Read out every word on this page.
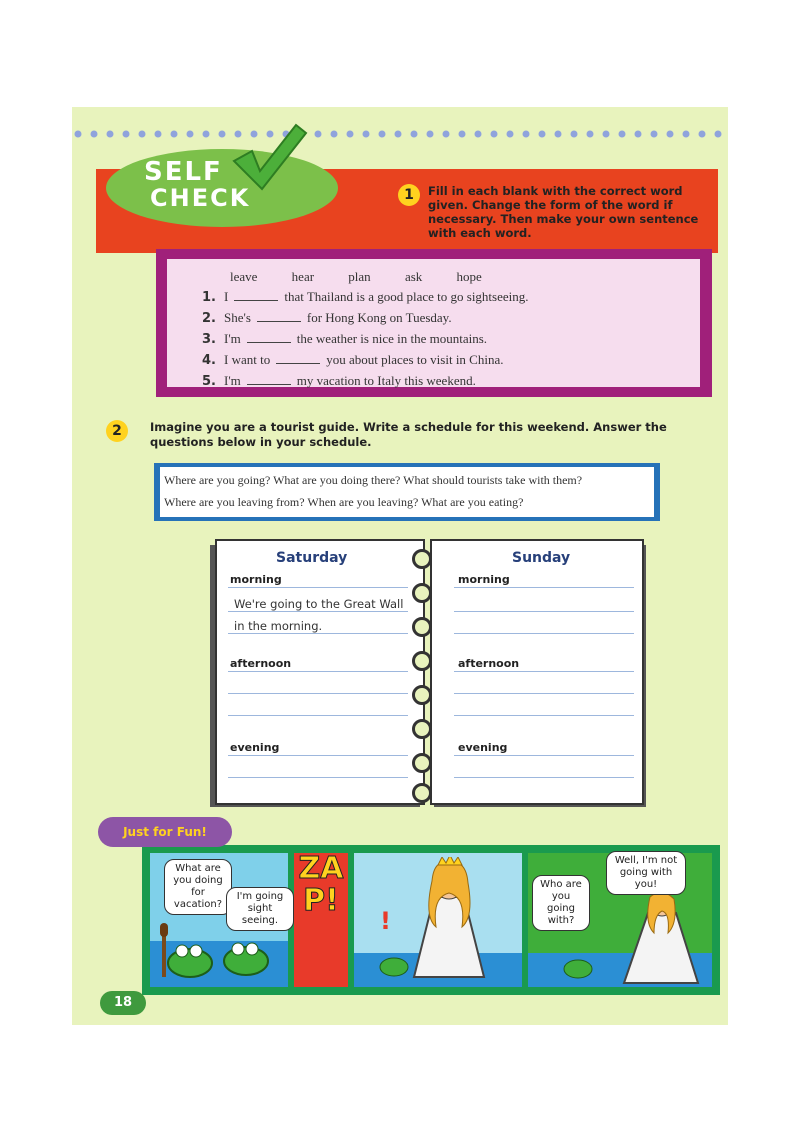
SELF
CHECK	1	Fill in each blank with the correct word given. Change the form of the word if necessary. Then make your own sentence with each word.
leave	hear	plan	ask	hope
1. I	that Thailand is a good place to go sightseeing.
2. She's	for Hong Kong on Tuesday.
3. I'm	the weather is nice in the mountains.
4. I want to	you about places to visit in China.
5. I'm	my vacation to Italy this weekend.
2	Imagine you are a tourist guide. Write a schedule for this weekend. Answer the questions below in your schedule.
Where are you going? What are you doing there? What should tourists take with them?
Where are you leaving from? When are you leaving? What are you eating?
Saturday	Sunday
morning	morning
afternoon	afternoon
evening	evening
We're going to the Great Wall
in the morning.
What are you doing for vacation?
I'm going sight seeing.
ZAP!
!
Who are you going with?
Well, I'm not going with you!
Just for Fun!
18
